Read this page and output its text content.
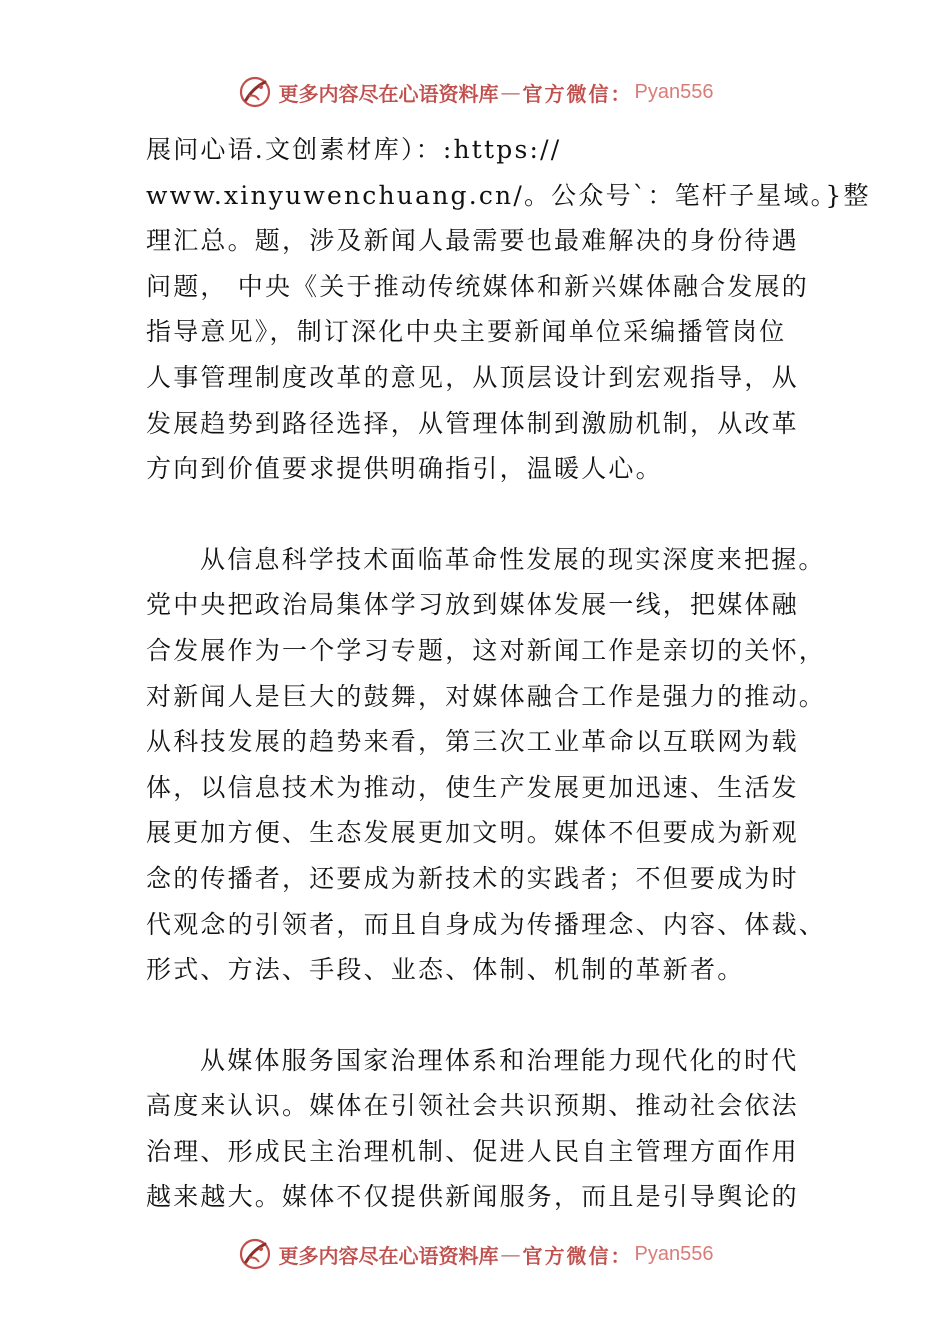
更多内容尽在心语资料库 — 官方微信： Pyan556

展问心语.文创素材库）：:https://
www.xinyuwenchuang.cn/。公众号`：笔杆子星域。}整
理汇总。题，涉及新闻人最需要也最难解决的身份待遇
问题， 中央《关于推动传统媒体和新兴媒体融合发展的
指导意见》，制订深化中央主要新闻单位采编播管岗位
人事管理制度改革的意见，从顶层设计到宏观指导，从
发展趋势到路径选择，从管理体制到激励机制，从改革
方向到价值要求提供明确指引，温暖人心。

从信息科学技术面临革命性发展的现实深度来把握。
党中央把政治局集体学习放到媒体发展一线，把媒体融
合发展作为一个学习专题，这对新闻工作是亲切的关怀，
对新闻人是巨大的鼓舞，对媒体融合工作是强力的推动。
从科技发展的趋势来看，第三次工业革命以互联网为载
体，以信息技术为推动，使生产发展更加迅速、生活发
展更加方便、生态发展更加文明。媒体不但要成为新观
念的传播者，还要成为新技术的实践者；不但要成为时
代观念的引领者，而且自身成为传播理念、内容、体裁、
形式、方法、手段、业态、体制、机制的革新者。

从媒体服务国家治理体系和治理能力现代化的时代
高度来认识。媒体在引领社会共识预期、推动社会依法
治理、形成民主治理机制、促进人民自主管理方面作用
越来越大。媒体不仅提供新闻服务，而且是引导舆论的

更多内容尽在心语资料库 — 官方微信： Pyan556
